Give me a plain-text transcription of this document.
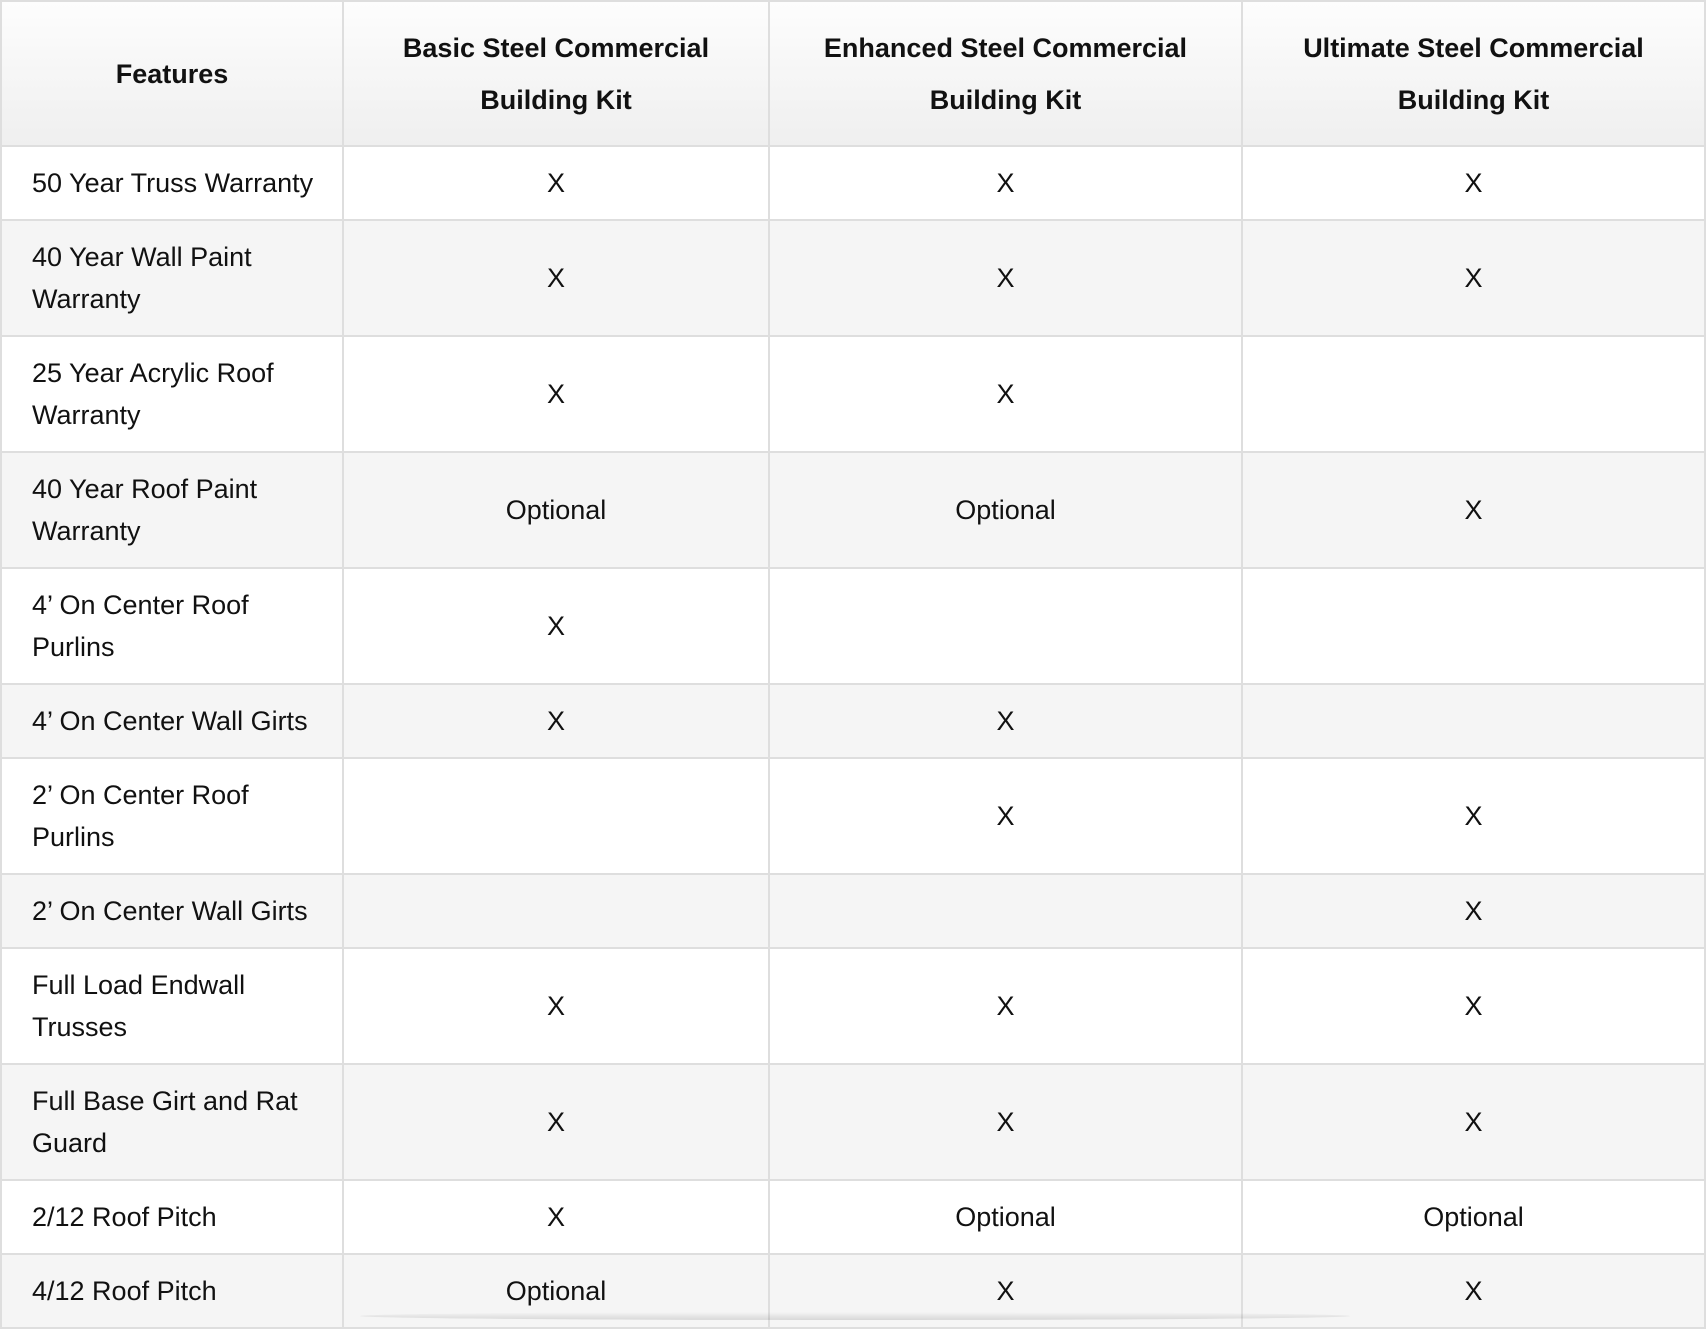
Features	Basic Steel Commercial Building Kit	Enhanced Steel Commercial Building Kit	Ultimate Steel Commercial Building Kit
50 Year Truss Warranty	X	X	X
40 Year Wall Paint Warranty	X	X	X
25 Year Acrylic Roof Warranty	X	X	
40 Year Roof Paint Warranty	Optional	Optional	X
4’ On Center Roof Purlins	X		
4’ On Center Wall Girts	X	X	
2’ On Center Roof Purlins		X	X
2’ On Center Wall Girts			X
Full Load Endwall Trusses	X	X	X
Full Base Girt and Rat Guard	X	X	X
2/12 Roof Pitch	X	Optional	Optional
4/12 Roof Pitch	Optional	X	X
